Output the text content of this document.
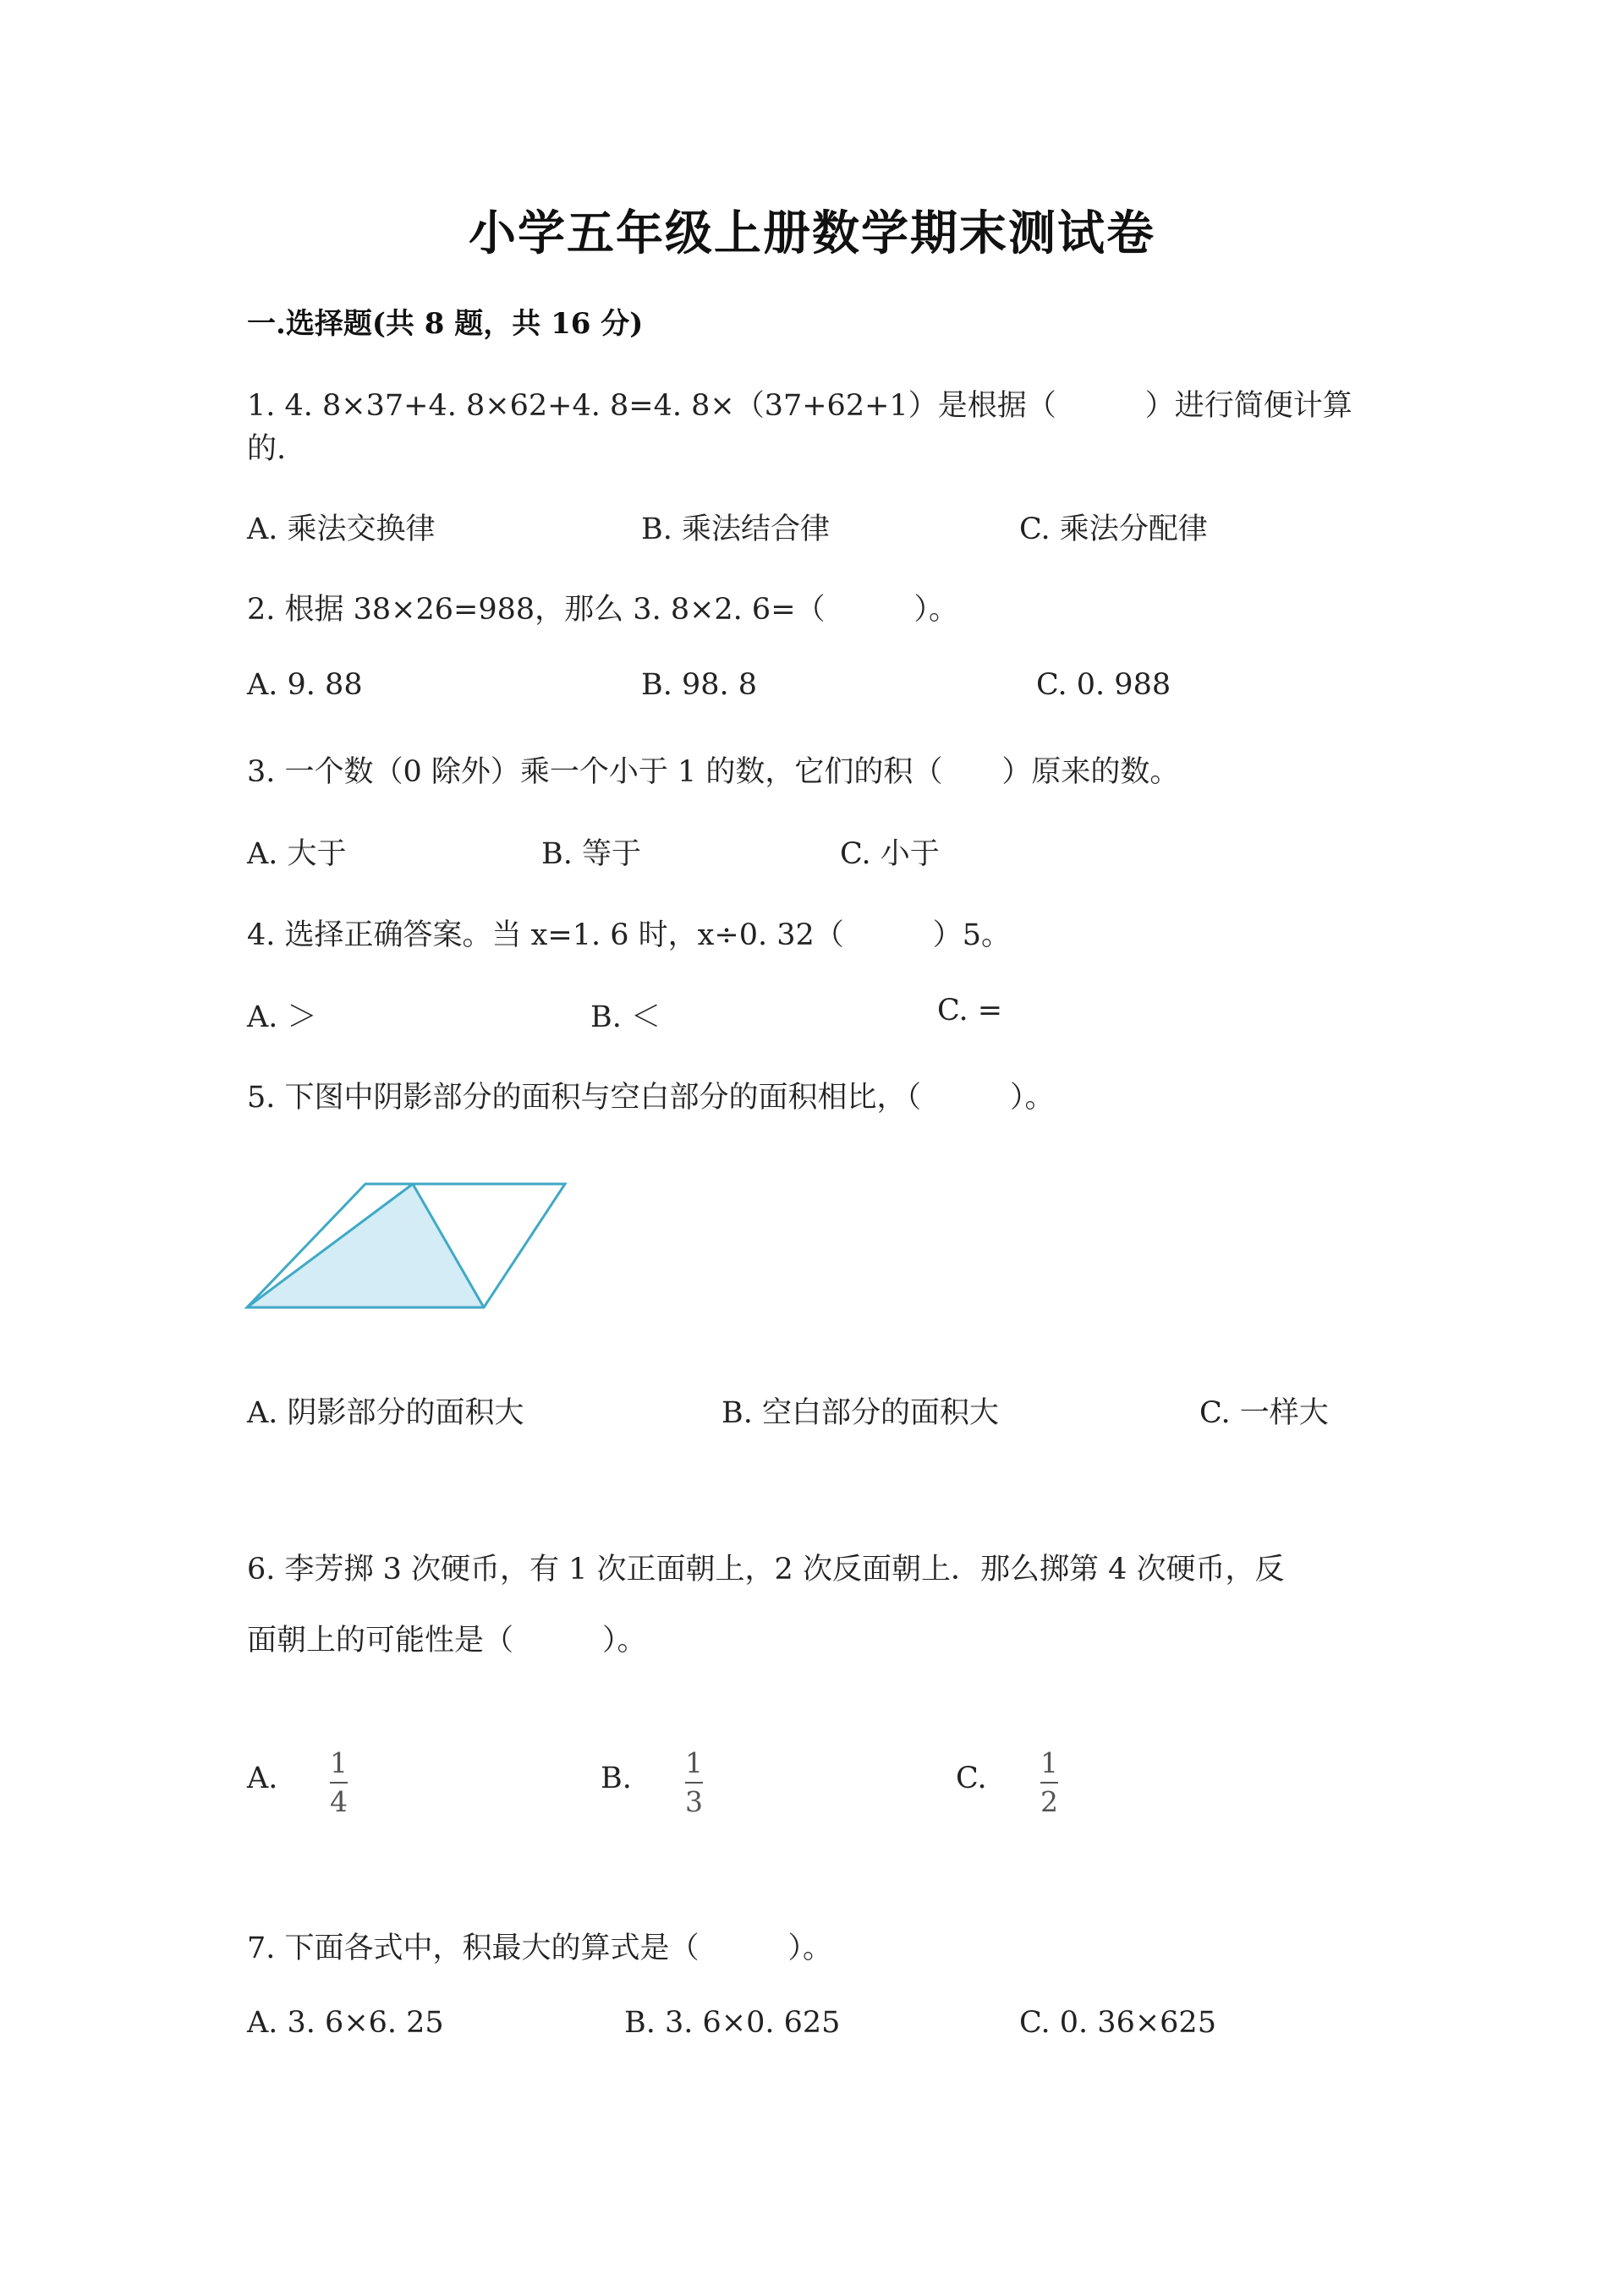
小学五年级上册数学期末测试卷
一.选择题(共 8 题，共 16 分)
1. 4. 8×37+4. 8×62+4. 8=4. 8×（37+62+1）是根据（　　　）进行简便计算
的.
A. 乘法交换律	B. 乘法结合律	C. 乘法分配律
2. 根据 38×26=988，那么 3. 8×2. 6=（　　　）。
A. 9. 88	B. 98. 8	C. 0. 988
3. 一个数（0 除外）乘一个小于 1 的数，它们的积（　　）原来的数。
A. 大于	B. 等于	C. 小于
4. 选择正确答案。当 x=1. 6 时，x÷0. 32（　　　）5。
A. ＞	B. ＜	C. =
5. 下图中阴影部分的面积与空白部分的面积相比，（　　　）。
A. 阴影部分的面积大	B. 空白部分的面积大	C. 一样大
6. 李芳掷 3 次硬币，有 1 次正面朝上，2 次反面朝上．那么掷第 4 次硬币，反
面朝上的可能性是（　　　）。
A. $\frac{1}{4}$	B. $\frac{1}{3}$	C. $\frac{1}{2}$
7. 下面各式中，积最大的算式是（　　　）。
A. 3. 6×6. 25	B. 3. 6×0. 625	C. 0. 36×625
